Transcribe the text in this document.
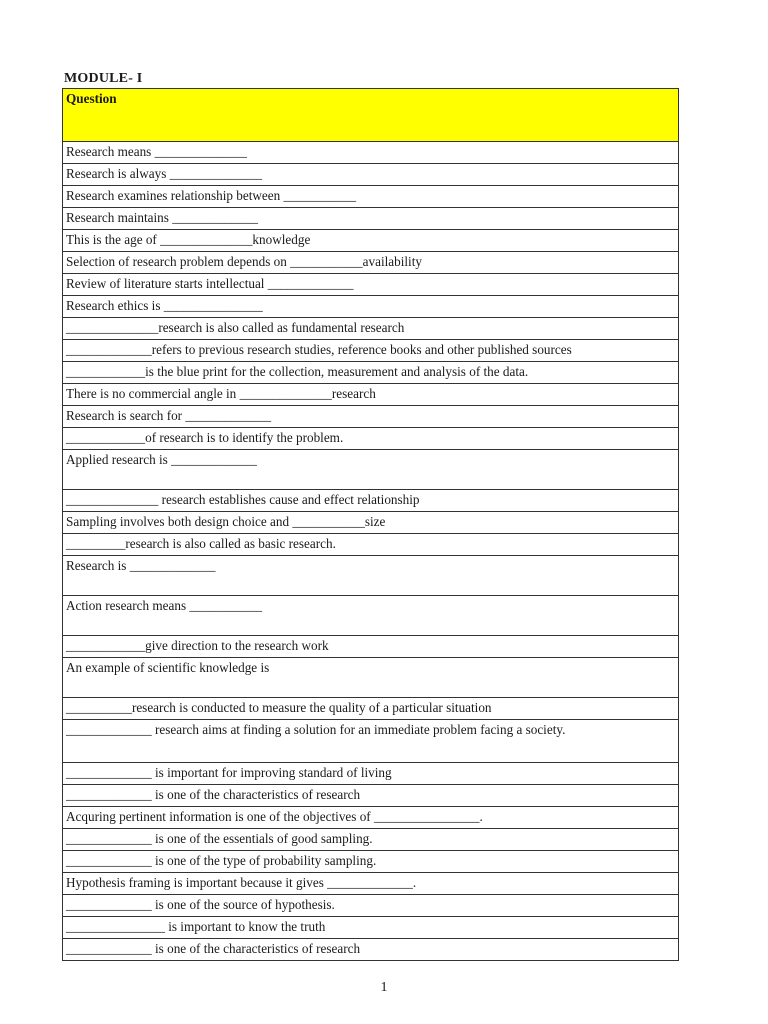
MODULE- I
Question
Research means ______________
Research is always ______________
Research examines relationship between ___________
Research maintains _____________
This is the age of ______________knowledge
Selection of research problem depends on ___________availability
Review of literature starts intellectual _____________
Research ethics is _______________
______________research is also called as fundamental research
_____________refers to previous research studies, reference books and other published sources
____________is the blue print for the collection, measurement and analysis of the data.
There is no commercial angle in ______________research
Research is search for _____________
____________of research is to identify the problem.
Applied research is _____________
______________ research establishes cause and effect relationship
Sampling involves both design choice and ___________size
_________research is also called as basic research.
Research is _____________
Action research means ___________
____________give direction to the research work
An example of scientific knowledge is
__________research is conducted to measure the quality of a particular situation
_____________ research aims at finding a solution for an immediate problem facing a society.
_____________ is important for improving standard of living
_____________ is one of the characteristics of research
Acquring pertinent information is one of the objectives of ________________.
_____________ is one of the essentials of good sampling.
_____________ is one of the type of probability sampling.
Hypothesis framing is important because it gives _____________.
_____________ is one of the source of hypothesis.
_______________ is important to know the truth
_____________ is one of the characteristics of research
1
